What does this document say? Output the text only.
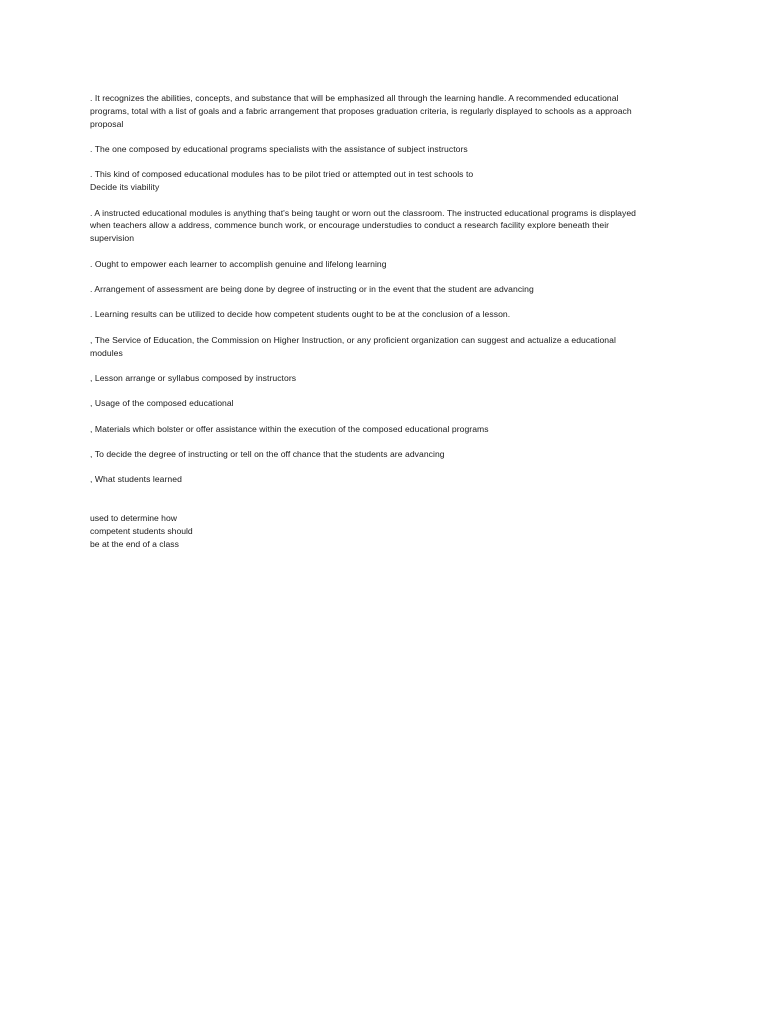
. It recognizes the abilities, concepts, and substance that will be emphasized all through the learning handle. A recommended educational
programs, total with a list of goals and a fabric arrangement that proposes graduation criteria, is regularly displayed to schools as a approach
proposal

. The one composed by educational programs specialists with the assistance of subject instructors

. This kind of composed educational modules has to be pilot tried or attempted out in test schools to
Decide its viability

. A instructed educational modules is anything that's being taught or worn out the classroom. The instructed educational programs is displayed
when teachers allow a address, commence bunch work, or encourage understudies to conduct a research facility explore beneath their
supervision

. Ought to empower each learner to accomplish genuine and lifelong learning

. Arrangement of assessment are being done by degree of instructing or in the event that the student are advancing

. Learning results can be utilized to decide how competent students ought to be at the conclusion of a lesson.

, The Service of Education, the Commission on Higher Instruction, or any proficient organization can suggest and actualize a educational
modules

, Lesson arrange or syllabus composed by instructors

, Usage of the composed educational

, Materials which bolster or offer assistance within the execution of the composed educational programs

, To decide the degree of instructing or tell on the off chance that the students are advancing

, What students learned

used to determine how
competent students should
be at the end of a class
